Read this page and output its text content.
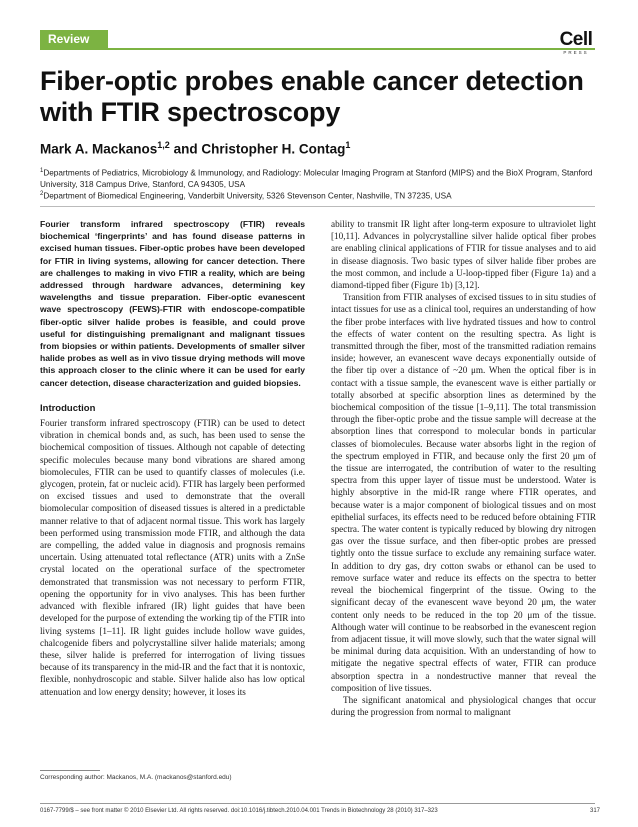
Review	Cell
PRESS
Fiber-optic probes enable cancer detection with FTIR spectroscopy
Mark A. Mackanos$^{1,2}$ and Christopher H. Contag$^1$
$^1$Departments of Pediatrics, Microbiology & Immunology, and Radiology: Molecular Imaging Program at Stanford (MIPS) and the BioX Program, Stanford University, 318 Campus Drive, Stanford, CA 94305, USA
$^2$Department of Biomedical Engineering, Vanderbilt University, 5326 Stevenson Center, Nashville, TN 37235, USA

Fourier transform infrared spectroscopy (FTIR) reveals biochemical ‘fingerprints’ and has found disease patterns in excised human tissues. Fiber-optic probes have been developed for FTIR in living systems, allowing for cancer detection. There are challenges to making in vivo FTIR a reality, which are being addressed through hardware advances, determining key wavelengths and tissue preparation. Fiber-optic evanescent wave spectroscopy (FEWS)-FTIR with endoscope-compatible fiber-optic silver halide probes is feasible, and could prove useful for distinguishing premalignant and malignant tissues from biopsies or within patients. Developments of smaller silver halide probes as well as in vivo tissue drying methods will move this approach closer to the clinic where it can be used for early cancer detection, disease characterization and guided biopsies.

Introduction

Fourier transform infrared spectroscopy (FTIR) can be used to detect vibration in chemical bonds and, as such, has been used to sense the biochemical composition of tissues. Although not capable of detecting specific molecules because many bond vibrations are shared among biomolecules, FTIR can be used to quantify classes of molecules (i.e. glycogen, protein, fat or nucleic acid). FTIR has largely been performed on excised tissues and used to demonstrate that the overall biomolecular composition of diseased tissues is altered in a predictable manner relative to that of adjacent normal tissue. This work has largely been performed using transmission mode FTIR, and although the data are compelling, the added value in diagnosis and prognosis remains uncertain. Using attenuated total reflectance (ATR) units with a ZnSe crystal located on the operational surface of the spectrometer demonstrated that transmission was not necessary to perform FTIR, opening the opportunity for in vivo analyses. This has been further advanced with flexible infrared (IR) light guides that have been developed for the purpose of extending the working tip of the FTIR into living systems [1–11]. IR light guides include hollow wave guides, chalcogenide fibers and polycrystalline silver halide materials; among these, silver halide is preferred for interrogation of living tissues because of its transparency in the mid-IR and the fact that it is nontoxic, flexible, nonhydroscopic and stable. Silver halide also has low optical attenuation and low energy density; however, it loses its

ability to transmit IR light after long-term exposure to ultraviolet light [10,11]. Advances in polycrystalline silver halide optical fiber probes are enabling clinical applications of FTIR for tissue analyses and to aid in disease diagnosis. Two basic types of silver halide fiber probes are the most common, and include a U-loop-tipped fiber (Figure 1a) and a diamond-tipped fiber (Figure 1b) [3,12].

Transition from FTIR analyses of excised tissues to in situ studies of intact tissues for use as a clinical tool, requires an understanding of how the fiber probe interfaces with live hydrated tissues and how to control the effects of water content on the resulting spectra. As light is transmitted through the fiber, most of the transmitted radiation remains inside; however, an evanescent wave decays exponentially outside of the fiber tip over a distance of ~20 μm. When the optical fiber is in contact with a tissue sample, the evanescent wave is either partially or totally absorbed at specific absorption lines as determined by the biochemical composition of the tissue [1–9,11]. The total transmission through the fiber-optic probe and the tissue sample will decrease at the absorption lines that correspond to molecular bonds in particular classes of biomolecules. Because water absorbs light in the region of the spectrum employed in FTIR, and because only the first 20 μm of the tissue are interrogated, the contribution of water to the resulting spectra from this upper layer of tissue must be understood. Water is highly absorptive in the mid-IR range where FTIR operates, and because water is a major component of biological tissues and on most epithelial surfaces, its effects need to be reduced before obtaining FTIR spectra. The water content is typically reduced by blowing dry nitrogen gas over the tissue surface, and then fiber-optic probes are pressed tightly onto the tissue surface to exclude any remaining surface water. In addition to dry gas, dry cotton swabs or ethanol can be used to remove surface water and reduce its effects on the spectra to better reveal the biochemical fingerprint of the tissue. Owing to the significant decay of the evanescent wave beyond 20 μm, the water content only needs to be reduced in the top 20 μm of the tissue. Although water will continue to be reabsorbed in the evanescent region from adjacent tissue, it will move slowly, such that the water signal will be minimal during data acquisition. With an understanding of how to mitigate the negative spectral effects of water, FTIR can produce absorption spectra in a nondestructive manner that reveal the composition of live tissues.

The significant anatomical and physiological changes that occur during the progression from normal to malignant

Corresponding author: Mackanos, M.A. (mackanos@stanford.edu)
0167-7799/$ – see front matter © 2010 Elsevier Ltd. All rights reserved. doi:10.1016/j.tibtech.2010.04.001 Trends in Biotechnology 28 (2010) 317–323	317
